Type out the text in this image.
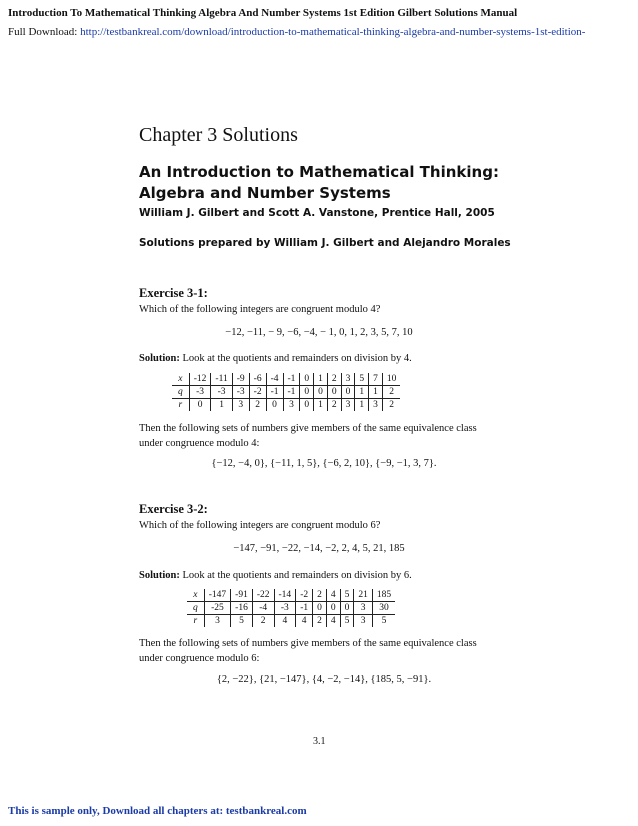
Introduction To Mathematical Thinking Algebra And Number Systems 1st Edition Gilbert Solutions Manual
Full Download: http://testbankreal.com/download/introduction-to-mathematical-thinking-algebra-and-number-systems-1st-edition-
Chapter 3 Solutions
An Introduction to Mathematical Thinking:
Algebra and Number Systems
William J. Gilbert and Scott A. Vanstone, Prentice Hall, 2005
Solutions prepared by William J. Gilbert and Alejandro Morales
Exercise 3-1:
Which of the following integers are congruent modulo 4?
−12, −11, − 9, −6, −4, − 1, 0, 1, 2, 3, 5, 7, 10
Solution: Look at the quotients and remainders on division by 4.
x	-12	-11	-9	-6	-4	-1	0	1	2	3	5	7	10
q	-3	-3	-3	-2	-1	-1	0	0	0	0	1	1	2
r	0	1	3	2	0	3	0	1	2	3	1	3	2
Then the following sets of numbers give members of the same equivalence class
under congruence modulo 4:
{−12, −4, 0}, {−11, 1, 5}, {−6, 2, 10}, {−9, −1, 3, 7}.
Exercise 3-2:
Which of the following integers are congruent modulo 6?
−147, −91, −22, −14, −2, 2, 4, 5, 21, 185
Solution: Look at the quotients and remainders on division by 6.
x	-147	-91	-22	-14	-2	2	4	5	21	185
q	-25	-16	-4	-3	-1	0	0	0	3	30
r	3	5	2	4	4	2	4	5	3	5
Then the following sets of numbers give members of the same equivalence class
under congruence modulo 6:
{2, −22}, {21, −147}, {4, −2, −14}, {185, 5, −91}.
3.1
This is sample only, Download all chapters at: testbankreal.com
